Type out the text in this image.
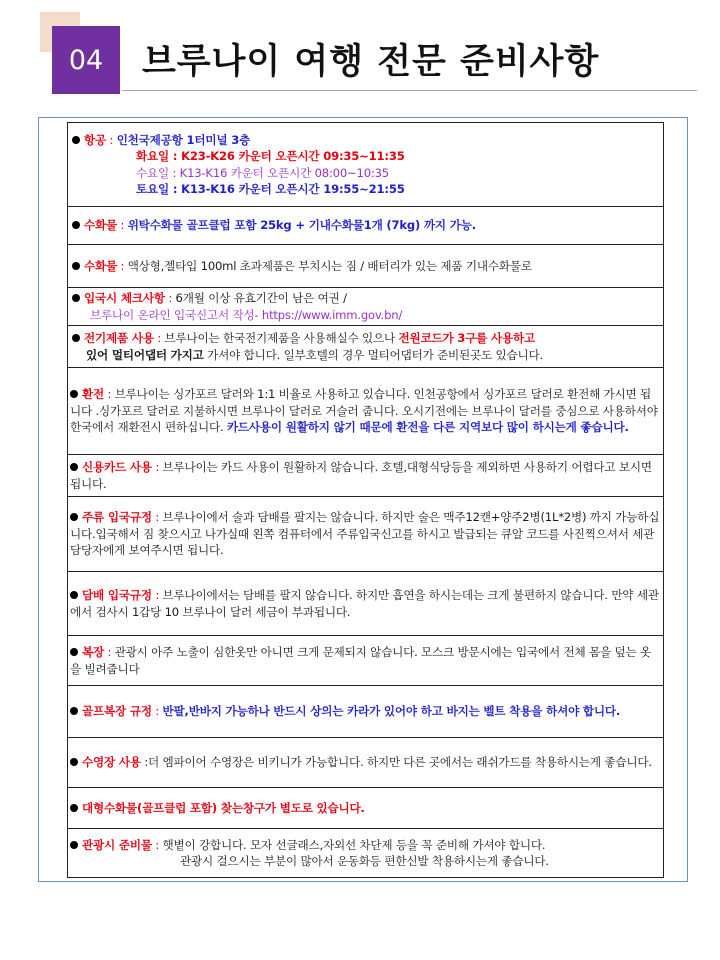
04 브루나이 여행 전문 준비사항
항공 : 인천국제공항 1터미널 3층
화요일 : K23-K26 카운터 오픈시간 09:35~11:35
수요일 : K13-K16 카운터 오픈시간 08:00~10:35
토요일 : K13-K16 카운터 오픈시간 19:55~21:55

수화물 : 위탁수화물 골프클럽 포함 25kg + 기내수화물1개 (7kg) 까지 가능.
수화물 : 액상형,젤타입 100ml 초과제품은 부치시는 짐 / 배터리가 있는 제품 기내수화물로
입국시 체크사항 : 6개월 이상 유효기간이 남은 여권 /
브루나이 온라인 입국신고서 작성- https://www.imm.gov.bn/

전기제품 사용 : 브루나이는 한국전기제품을 사용해실수 있으나 전원코드가 3구를 사용하고
있어 멀티어댑터 가지고 가셔야 합니다. 일부호텔의 경우 멀티어댑터가 준비된곳도 있습니다.
환전 : 브루나이는 싱가포르 달러와 1:1 비율로 사용하고 있습니다. 인천공항에서 싱가포르 달러로 환전해 가시면 됩니다 .싱가포르 달러로 지불하시면 브루나이 달러로 거슬러 줍니다. 오시기전에는 브루나이 달러를 중심으로 사용하셔야 한국에서 재환전시 편하십니다. 카드사용이 원활하지 않기 때문에 환전을 다른 지역보다 많이 하시는게 좋습니다.
신용카드 사용 : 브루나이는 카드 사용이 원활하지 않습니다. 호텔,대형식당등을 제외하면 사용하기 어렵다고 보시면 됩니다.
주류 입국규정 : 브루나이에서 술과 담배를 팔지는 않습니다. 하지만 술은 맥주12캔+양주2병(1L*2병) 까지 가능하십니다.입국해서 짐 찾으시고 나가실때 왼쪽 컴퓨터에서 주류입국신고를 하시고 발급되는 큐알 코드를 사진찍으셔서 세관담당자에게 보여주시면 됩니다.
담배 입국규정 : 브루나이에서는 담배를 팔지 않습니다. 하지만 흡연을 하시는데는 크게 불편하지 않습니다. 만약 세관에서 검사시 1갑당 10 브루나이 달러 세금이 부과됩니다.
복장 : 관광시 아주 노출이 심한옷만 아니면 크게 문제되지 않습니다. 모스크 방문시에는 입국에서 전체 몸을 덮는 옷을 빌려줍니다
골프복장 규정 : 반팔,반바지 가능하나 반드시 상의는 카라가 있어야 하고 바지는 벨트 착용을 하셔야 합니다.
수영장 사용 :더 엠파이어 수영장은 비키니가 가능합니다. 하지만 다른 곳에서는 래쉬가드를 착용하시는게 좋습니다.
대형수화물(골프클럽 포함) 찾는창구가 별도로 있습니다.
관광시 준비물 : 햇볕이 강합니다. 모자 선글래스,자외선 차단제 등을 꼭 준비해 가셔야 합니다.
관광시 걸으시는 부분이 많아서 운동화등 편한신발 착용하시는게 좋습니다.
